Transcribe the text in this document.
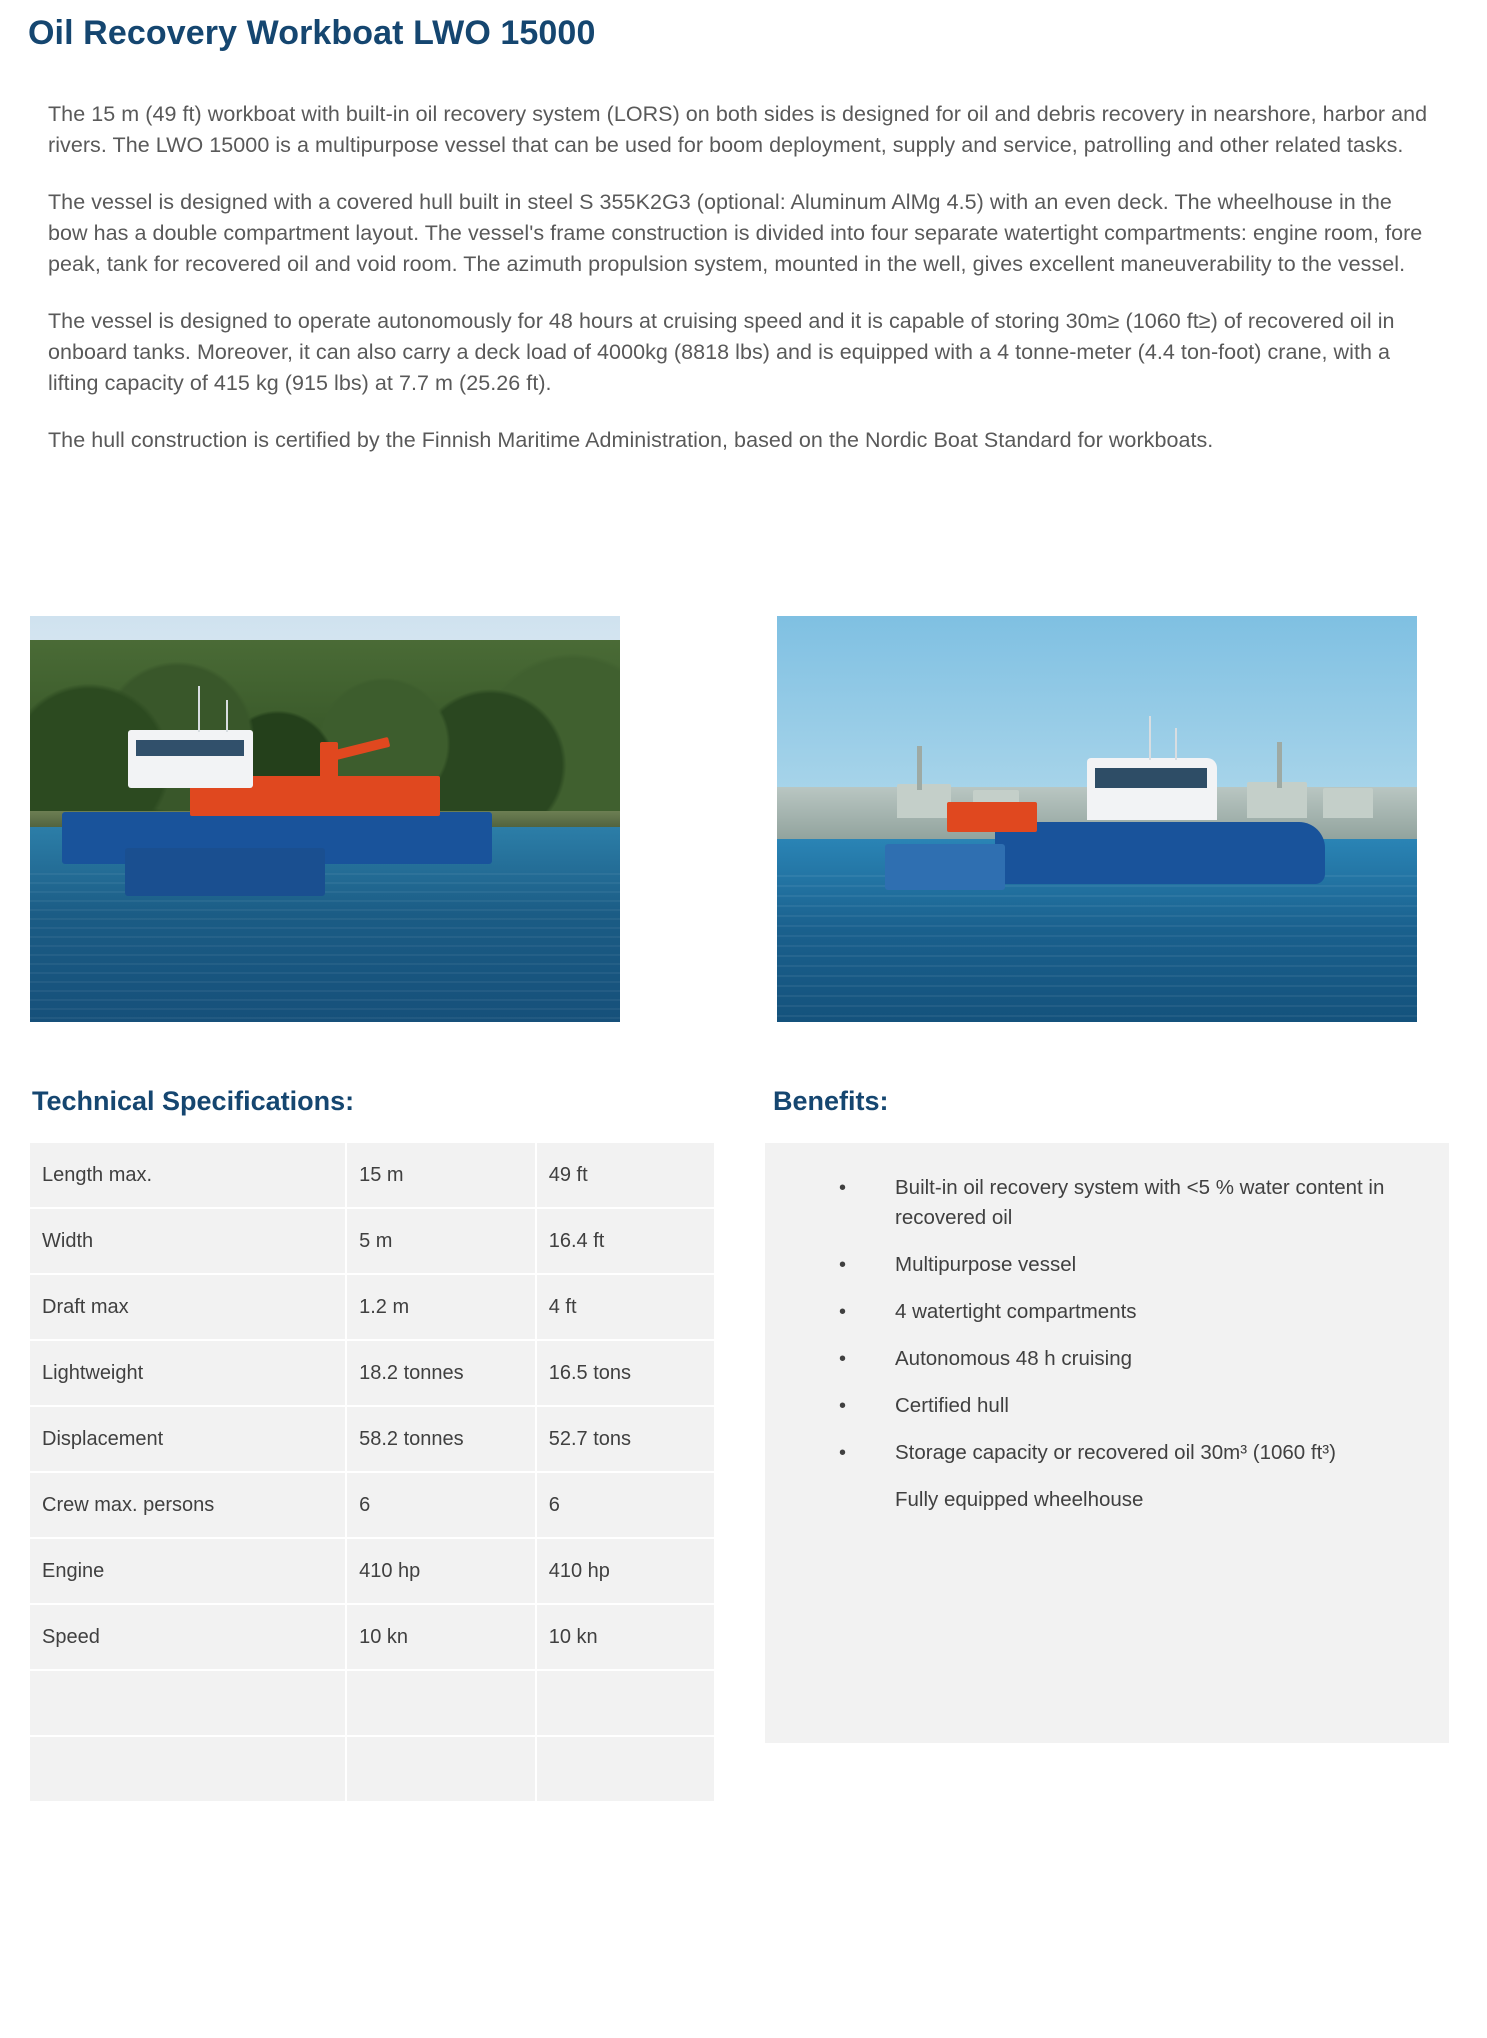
Oil Recovery Workboat LWO 15000

The 15 m (49 ft) workboat with built-in oil recovery system (LORS) on both sides is designed for oil and debris recovery in nearshore, harbor and rivers. The LWO 15000 is a multipurpose vessel that can be used for boom deployment, supply and service, patrolling and other related tasks.

The vessel is designed with a covered hull built in steel S 355K2G3 (optional: Aluminum AlMg 4.5) with an even deck. The wheelhouse in the bow has a double compartment layout. The vessel's frame construction is divided into four separate watertight compartments: engine room, fore peak, tank for recovered oil and void room. The azimuth propulsion system, mounted in the well, gives excellent maneuverability to the vessel.

The vessel is designed to operate autonomously for 48 hours at cruising speed and it is capable of storing 30m≥ (1060 ft≥) of recovered oil in onboard tanks. Moreover, it can also carry a deck load of 4000kg (8818 lbs) and is equipped with a 4 tonne-meter (4.4 ton-foot) crane, with a lifting capacity of 415 kg (915 lbs) at 7.7 m (25.26 ft).

The hull construction is certified by the Finnish Maritime Administration, based on the Nordic Boat Standard for workboats.

Technical Specifications:
Length max.	15 m	49 ft
Width	5 m	16.4 ft
Draft max	1.2 m	4 ft
Lightweight	18.2 tonnes	16.5 tons
Displacement	58.2 tonnes	52.7 tons
Crew max. persons	6	6
Engine	410 hp	410 hp
Speed	10 kn	10 kn

Benefits:
• Built-in oil recovery system with <5 % water content in recovered oil
• Multipurpose vessel
• 4 watertight compartments
• Autonomous 48 h cruising
• Certified hull
• Storage capacity or recovered oil 30m³ (1060 ft³)
Fully equipped wheelhouse
